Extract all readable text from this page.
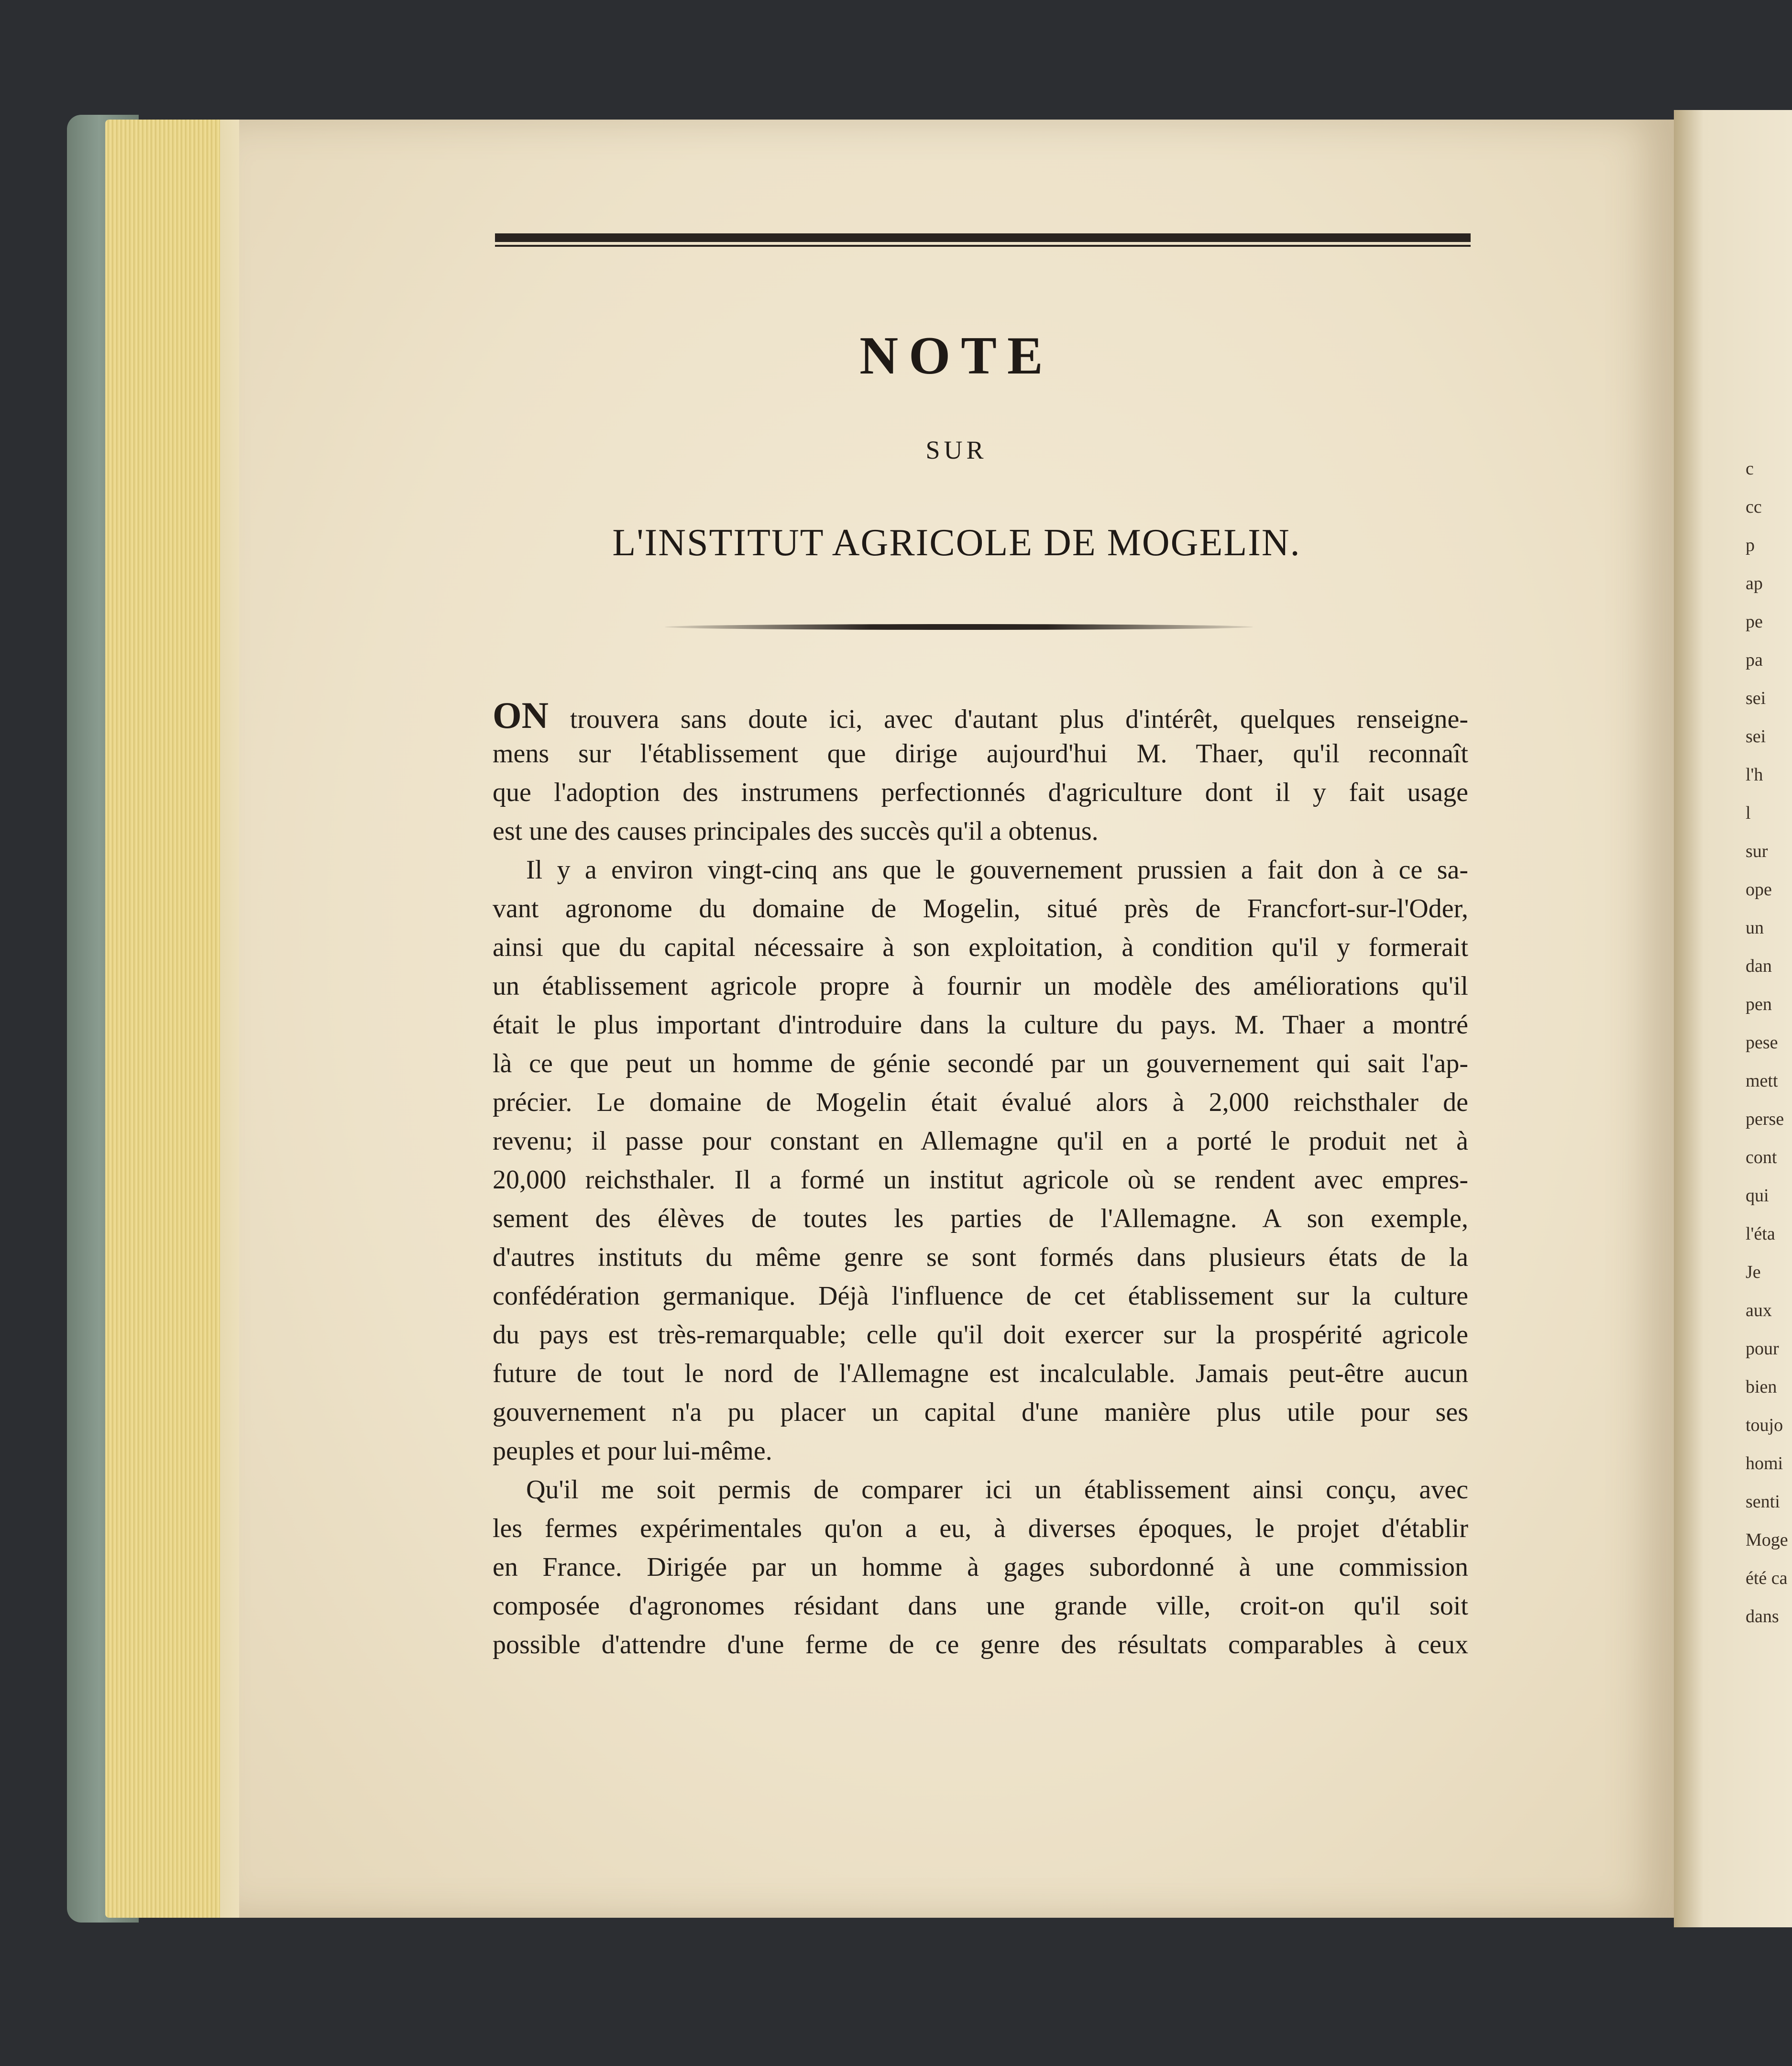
c
cc
p
ap
pe
pa
sei
sei
l'h
l
sur
ope
un
dan
pen
pese
mett
perse
cont
qui
l'éta
Je
aux
pour
bien
toujo
homi
senti
Moge
été ca
dans
NOTE
SUR
L'INSTITUT AGRICOLE DE MOGELIN.
ON trouvera sans doute ici, avec d'autant plus d'intérêt, quelques renseigne-
mens sur l'établissement que dirige aujourd'hui M. Thaer, qu'il reconnaît
que l'adoption des instrumens perfectionnés d'agriculture dont il y fait usage
est une des causes principales des succès qu'il a obtenus.
Il y a environ vingt-cinq ans que le gouvernement prussien a fait don à ce sa-
vant agronome du domaine de Mogelin, situé près de Francfort-sur-l'Oder,
ainsi que du capital nécessaire à son exploitation, à condition qu'il y formerait
un établissement agricole propre à fournir un modèle des améliorations qu'il
était le plus important d'introduire dans la culture du pays. M. Thaer a montré
là ce que peut un homme de génie secondé par un gouvernement qui sait l'ap-
précier. Le domaine de Mogelin était évalué alors à 2,000 reichsthaler de
revenu; il passe pour constant en Allemagne qu'il en a porté le produit net à
20,000 reichsthaler. Il a formé un institut agricole où se rendent avec empres-
sement des élèves de toutes les parties de l'Allemagne. A son exemple,
d'autres instituts du même genre se sont formés dans plusieurs états de la
confédération germanique. Déjà l'influence de cet établissement sur la culture
du pays est très-remarquable; celle qu'il doit exercer sur la prospérité agricole
future de tout le nord de l'Allemagne est incalculable. Jamais peut-être aucun
gouvernement n'a pu placer un capital d'une manière plus utile pour ses
peuples et pour lui-même.
Qu'il me soit permis de comparer ici un établissement ainsi conçu, avec
les fermes expérimentales qu'on a eu, à diverses époques, le projet d'établir
en France. Dirigée par un homme à gages subordonné à une commission
composée d'agronomes résidant dans une grande ville, croit-on qu'il soit
possible d'attendre d'une ferme de ce genre des résultats comparables à ceux
